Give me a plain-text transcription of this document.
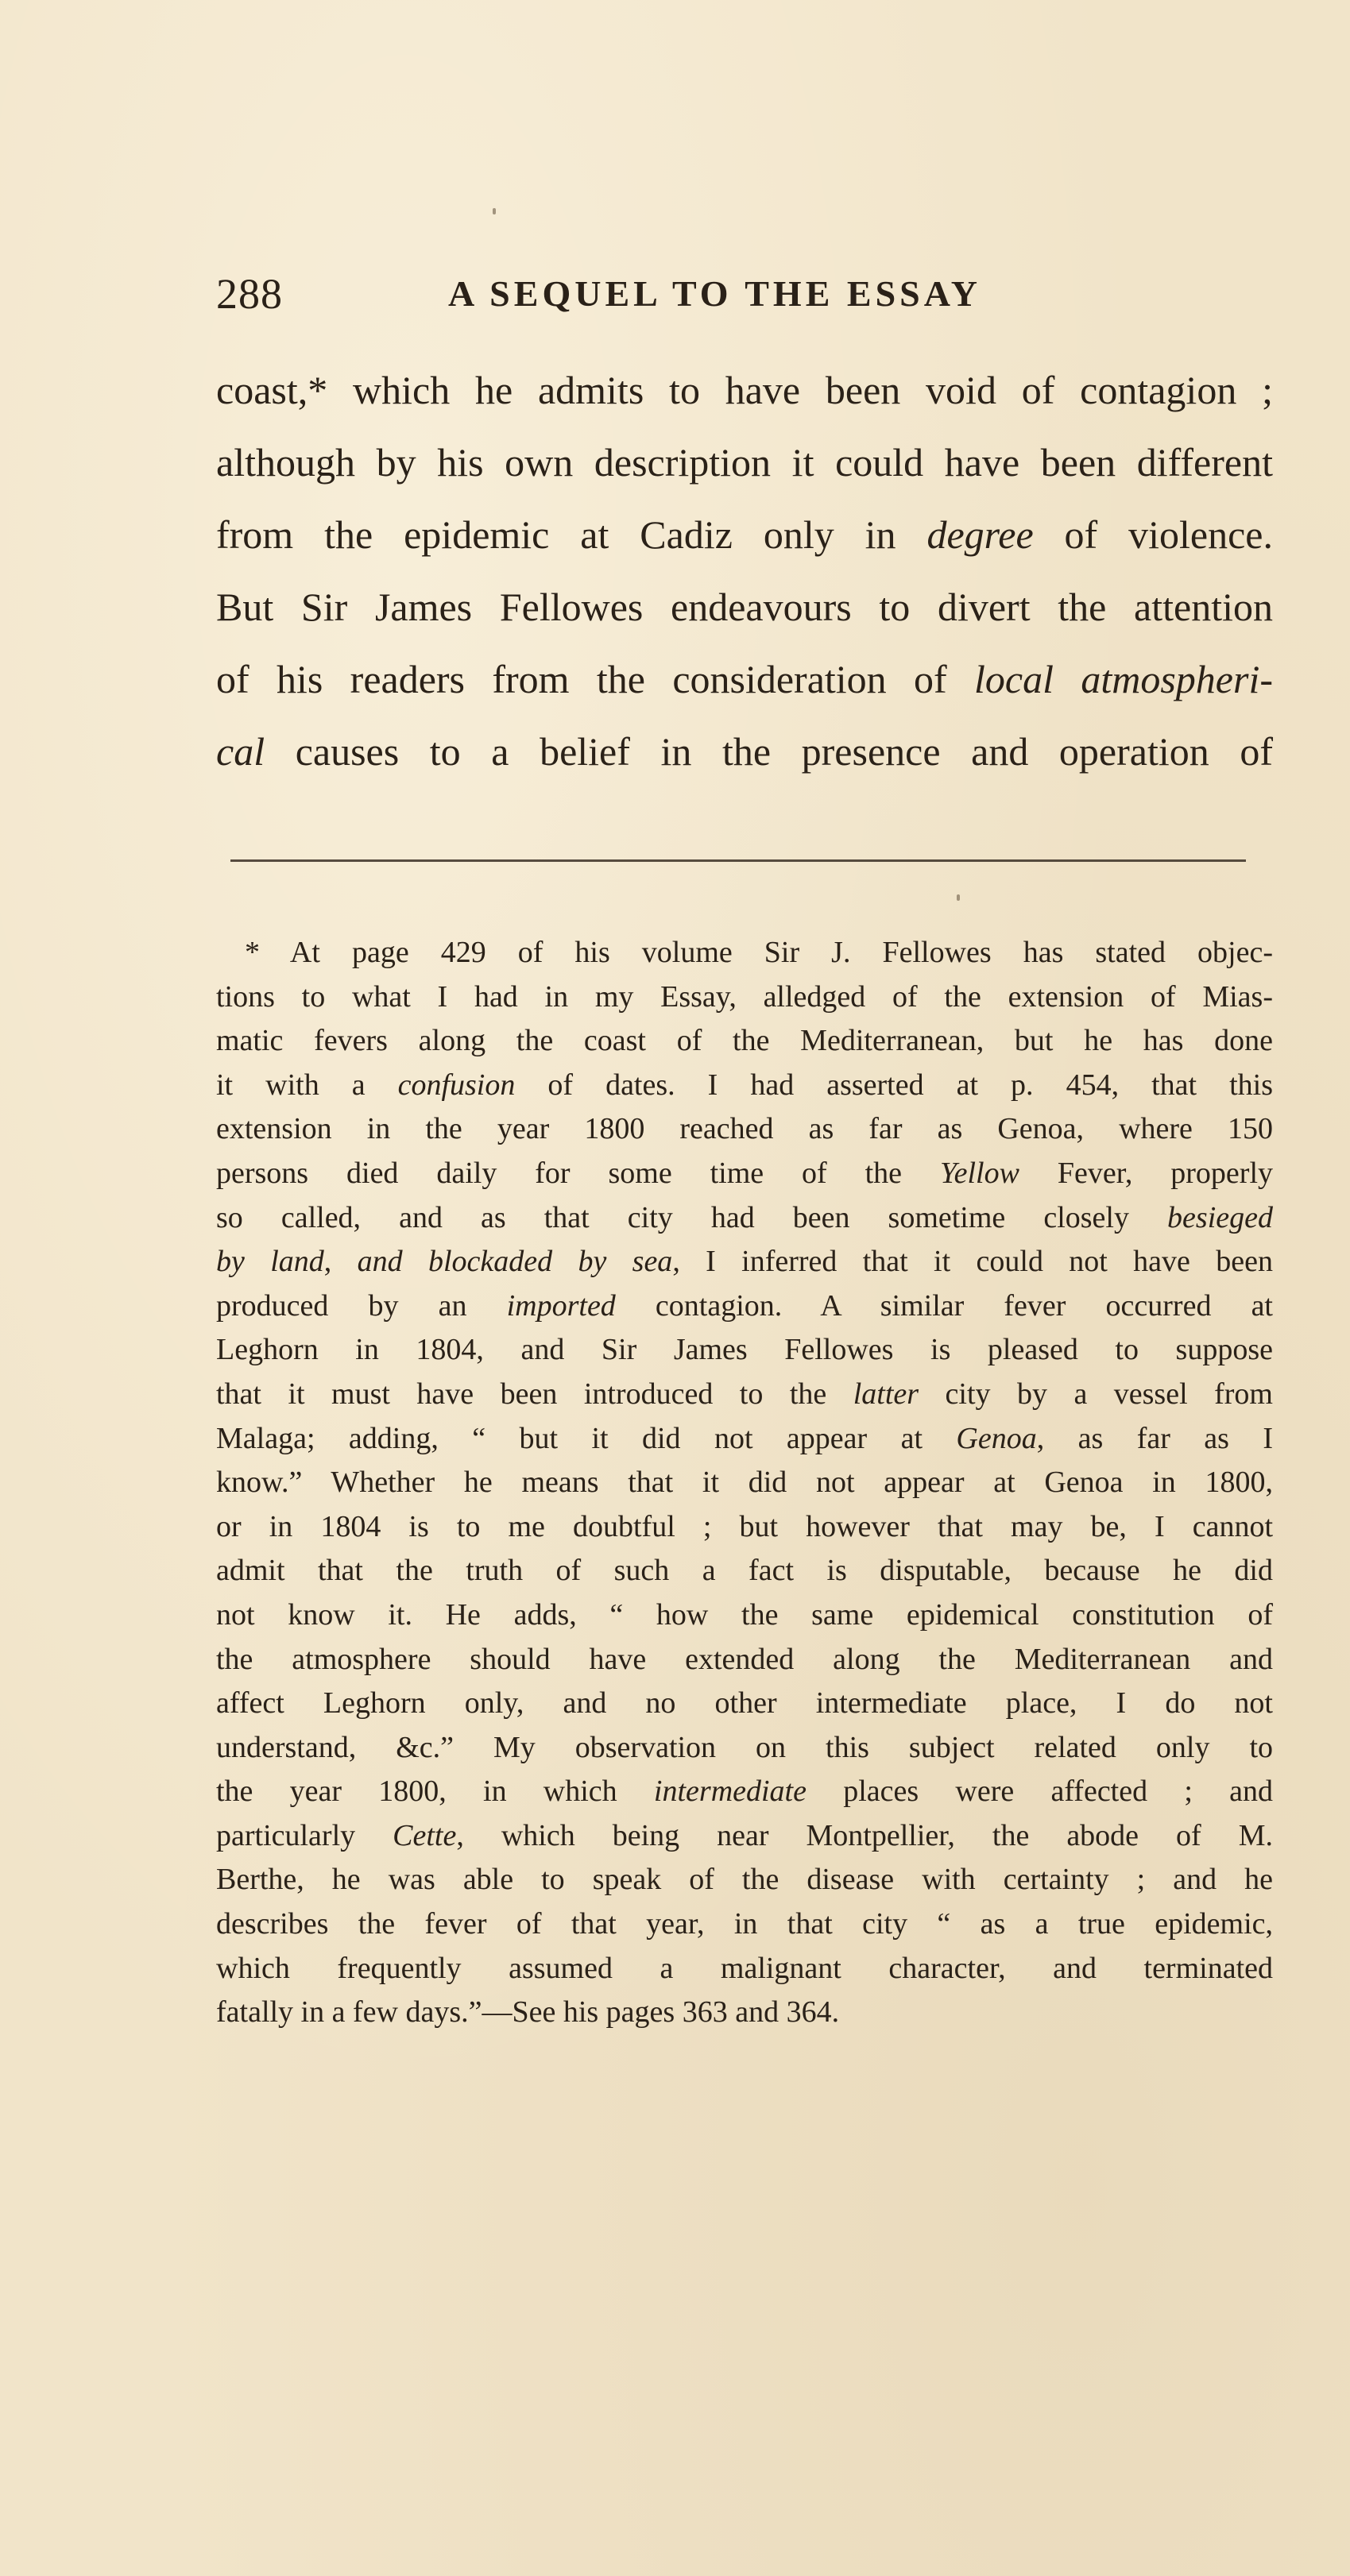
288	A SEQUEL TO THE ESSAY
coast,* which he admits to have been void of contagion ;
although by his own description it could have been different
from the epidemic at Cadiz only in degree of violence.
But Sir James Fellowes endeavours to divert the attention
of his readers from the consideration of local atmospheri-
cal causes to a belief in the presence and operation of
* At page 429 of his volume Sir J. Fellowes has stated objec-
tions to what I had in my Essay, alledged of the extension of Mias-
matic fevers along the coast of the Mediterranean, but he has done
it with a confusion of dates. I had asserted at p. 454, that this
extension in the year 1800 reached as far as Genoa, where 150
persons died daily for some time of the Yellow Fever, properly
so called, and as that city had been sometime closely besieged
by land, and blockaded by sea, I inferred that it could not have been
produced by an imported contagion. A similar fever occurred at
Leghorn in 1804, and Sir James Fellowes is pleased to suppose
that it must have been introduced to the latter city by a vessel from
Malaga; adding, “ but it did not appear at Genoa, as far as I
know.” Whether he means that it did not appear at Genoa in 1800,
or in 1804 is to me doubtful ; but however that may be, I cannot
admit that the truth of such a fact is disputable, because he did
not know it. He adds, “ how the same epidemical constitution of
the atmosphere should have extended along the Mediterranean and
affect Leghorn only, and no other intermediate place, I do not
understand, &c.” My observation on this subject related only to
the year 1800, in which intermediate places were affected ; and
particularly Cette, which being near Montpellier, the abode of M.
Berthe, he was able to speak of the disease with certainty ; and he
describes the fever of that year, in that city “ as a true epidemic,
which frequently assumed a malignant character, and terminated
fatally in a few days.”—See his pages 363 and 364.
